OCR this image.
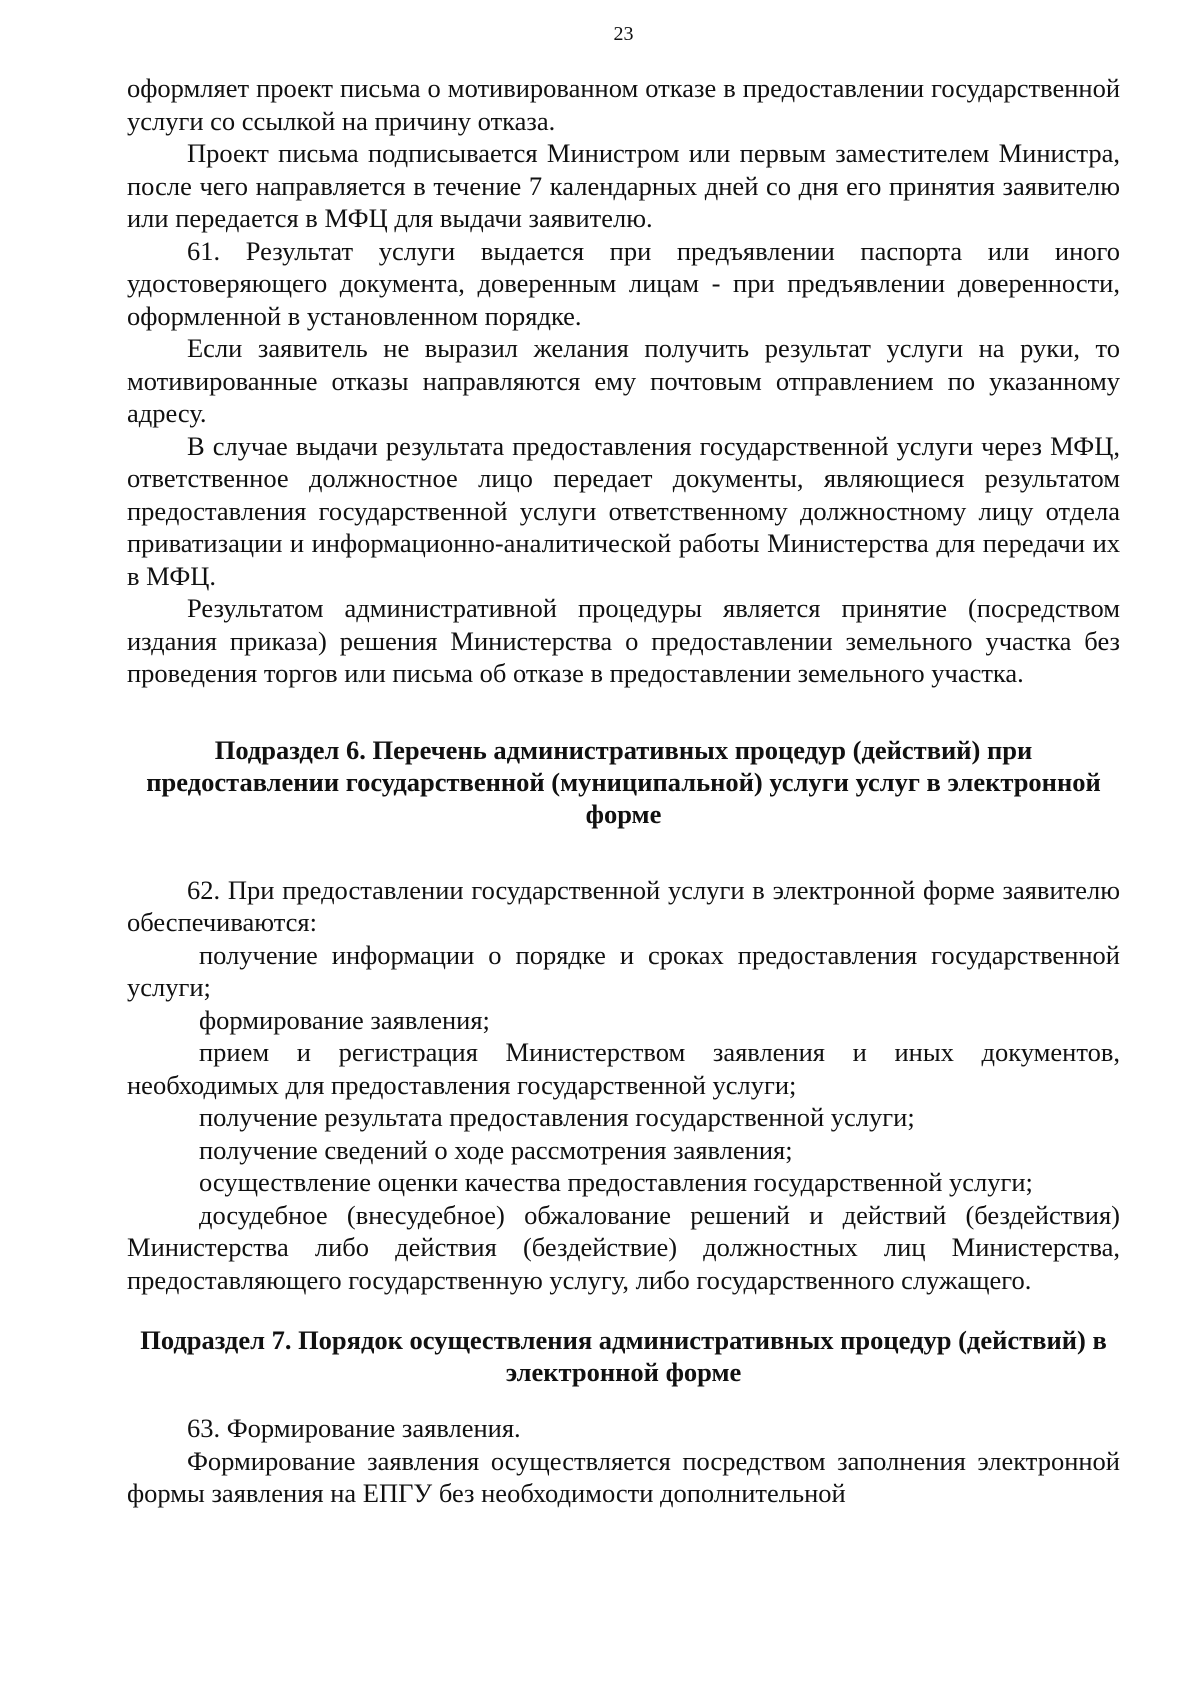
23

оформляет проект письма о мотивированном отказе в предоставлении государственной услуги со ссылкой на причину отказа.

Проект письма подписывается Министром или первым заместителем Министра, после чего направляется в течение 7 календарных дней со дня его принятия заявителю или передается в МФЦ для выдачи заявителю.

61. Результат услуги выдается при предъявлении паспорта или иного удостоверяющего документа, доверенным лицам - при предъявлении доверенности, оформленной в установленном порядке.

Если заявитель не выразил желания получить результат услуги на руки, то мотивированные отказы направляются ему почтовым отправлением по указанному адресу.

В случае выдачи результата предоставления государственной услуги через МФЦ, ответственное должностное лицо передает документы, являющиеся результатом предоставления государственной услуги ответственному должностному лицу отдела приватизации и информационно-аналитической работы Министерства для передачи их в МФЦ.

Результатом административной процедуры является принятие (посредством издания приказа) решения Министерства о предоставлении земельного участка без проведения торгов или письма об отказе в предоставлении земельного участка.

Подраздел 6. Перечень административных процедур (действий) при предоставлении государственной (муниципальной) услуги услуг в электронной форме

62. При предоставлении государственной услуги в электронной форме заявителю обеспечиваются:

получение информации о порядке и сроках предоставления государственной услуги;

формирование заявления;

прием и регистрация Министерством заявления и иных документов, необходимых для предоставления государственной услуги;

получение результата предоставления государственной услуги;

получение сведений о ходе рассмотрения заявления;

осуществление оценки качества предоставления государственной услуги;

досудебное (внесудебное) обжалование решений и действий (бездействия) Министерства либо действия (бездействие) должностных лиц Министерства, предоставляющего государственную услугу, либо государственного служащего.

Подраздел 7. Порядок осуществления административных процедур (действий) в электронной форме

63. Формирование заявления.

Формирование заявления осуществляется посредством заполнения электронной формы заявления на ЕПГУ без необходимости дополнительной
